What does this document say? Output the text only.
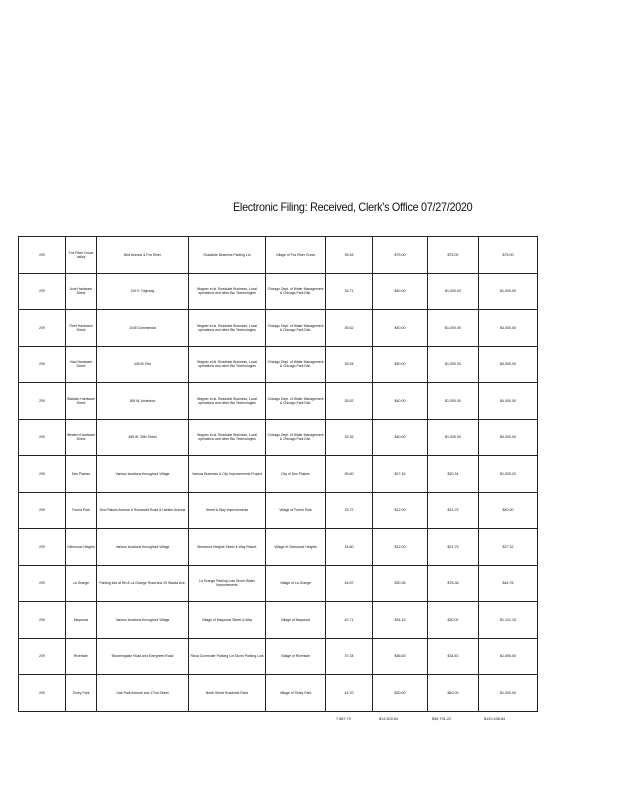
Electronic Filing: Received, Clerk's Office 07/27/2020
209	Fox River Grove Valley	Bird Avenue & Fox River	Roadside Business Parking Lot	Village of Fox River Grove	35.49	$75.00	$75.00	$75.00
209	Axle Hardware Direct	100 E. Highway	Wagner et al. Roadside Business, Local operations and other Bio Technologies	Chicago Dept. of Water Management & Chicago Park Dist.	34.71	$40.00	$1,000.00	$1,000.00
209	Fleet Hardware Direct	1045 Commercial	Wagner et al. Roadside Business, Local operations and other Bio Technologies	Chicago Dept. of Water Management & Chicago Park Dist.	35.62	$40.00	$1,000.00	$4,000.00
209	Viad Hardware Direct	445 W. Elm	Wagner et al. Roadside Business, Local operations and other Bio Technologies	Chicago Dept. of Water Management & Chicago Park Dist.	35.54	$40.00	$1,000.00	$4,000.00
209	Wabash Hardware Direct	465 W. Anderson	Wagner et al. Roadside Business, Local operations and other Bio Technologies	Chicago Dept. of Water Management & Chicago Park Dist.	35.52	$40.00	$1,000.00	$4,000.00
209	Western Hardware Direct	465 W. 35th Street	Wagner et al. Roadside Business, Local operations and other Bio Technologies	Chicago Dept. of Water Management & Chicago Park Dist.	35.35	$40.00	$1,000.00	$4,000.00
209	Des Plaines	Various locations throughout Village	Various Business & City Improvements Project	City of Des Plaines	95.60	$27.45	$20.34	$1,025.20
209	Forest Park	Des Plaines Avenue & Roosevelt Road & Harlem Avenue	Street & Way Improvements	Village of Forest Park	33.72	$12.00	$14.75	$40.00
209	Glenwood Heights	Various locations throughout Village	Glenwood Heights Street & Way Resurf.	Village of Glenwood Heights	34.60	$12.00	$21.75	$27.32
209	La Grange	Parking lots at 9th & La Grange Road and 25 Waiola Ave.	La Grange Parking Lots Storm Water Improvements	Village of La Grange	44.87	$30.35	$78.36	$44.76
209	Maywood	Various locations throughout Village	Village of Maywood Street & Way	Village of Maywood	40.71	$34.15	$30.00	$1,121.15
209	Riverside	Bloomingdale Road and Evergreen Road	Ricca Commuter Parking Lot Storm Parking Lots	Village of Riverside	37.34	$36.63	$34.40	$1,095.00
209	Tinley Park	Oak Park Avenue and 171st Street	North Street Roadside Parts	Village of Tinley Park	44.70	$30.00	$40.00	$1,000.00
7,587.79	$13,303.54	$45,791.22	$120,436.84
